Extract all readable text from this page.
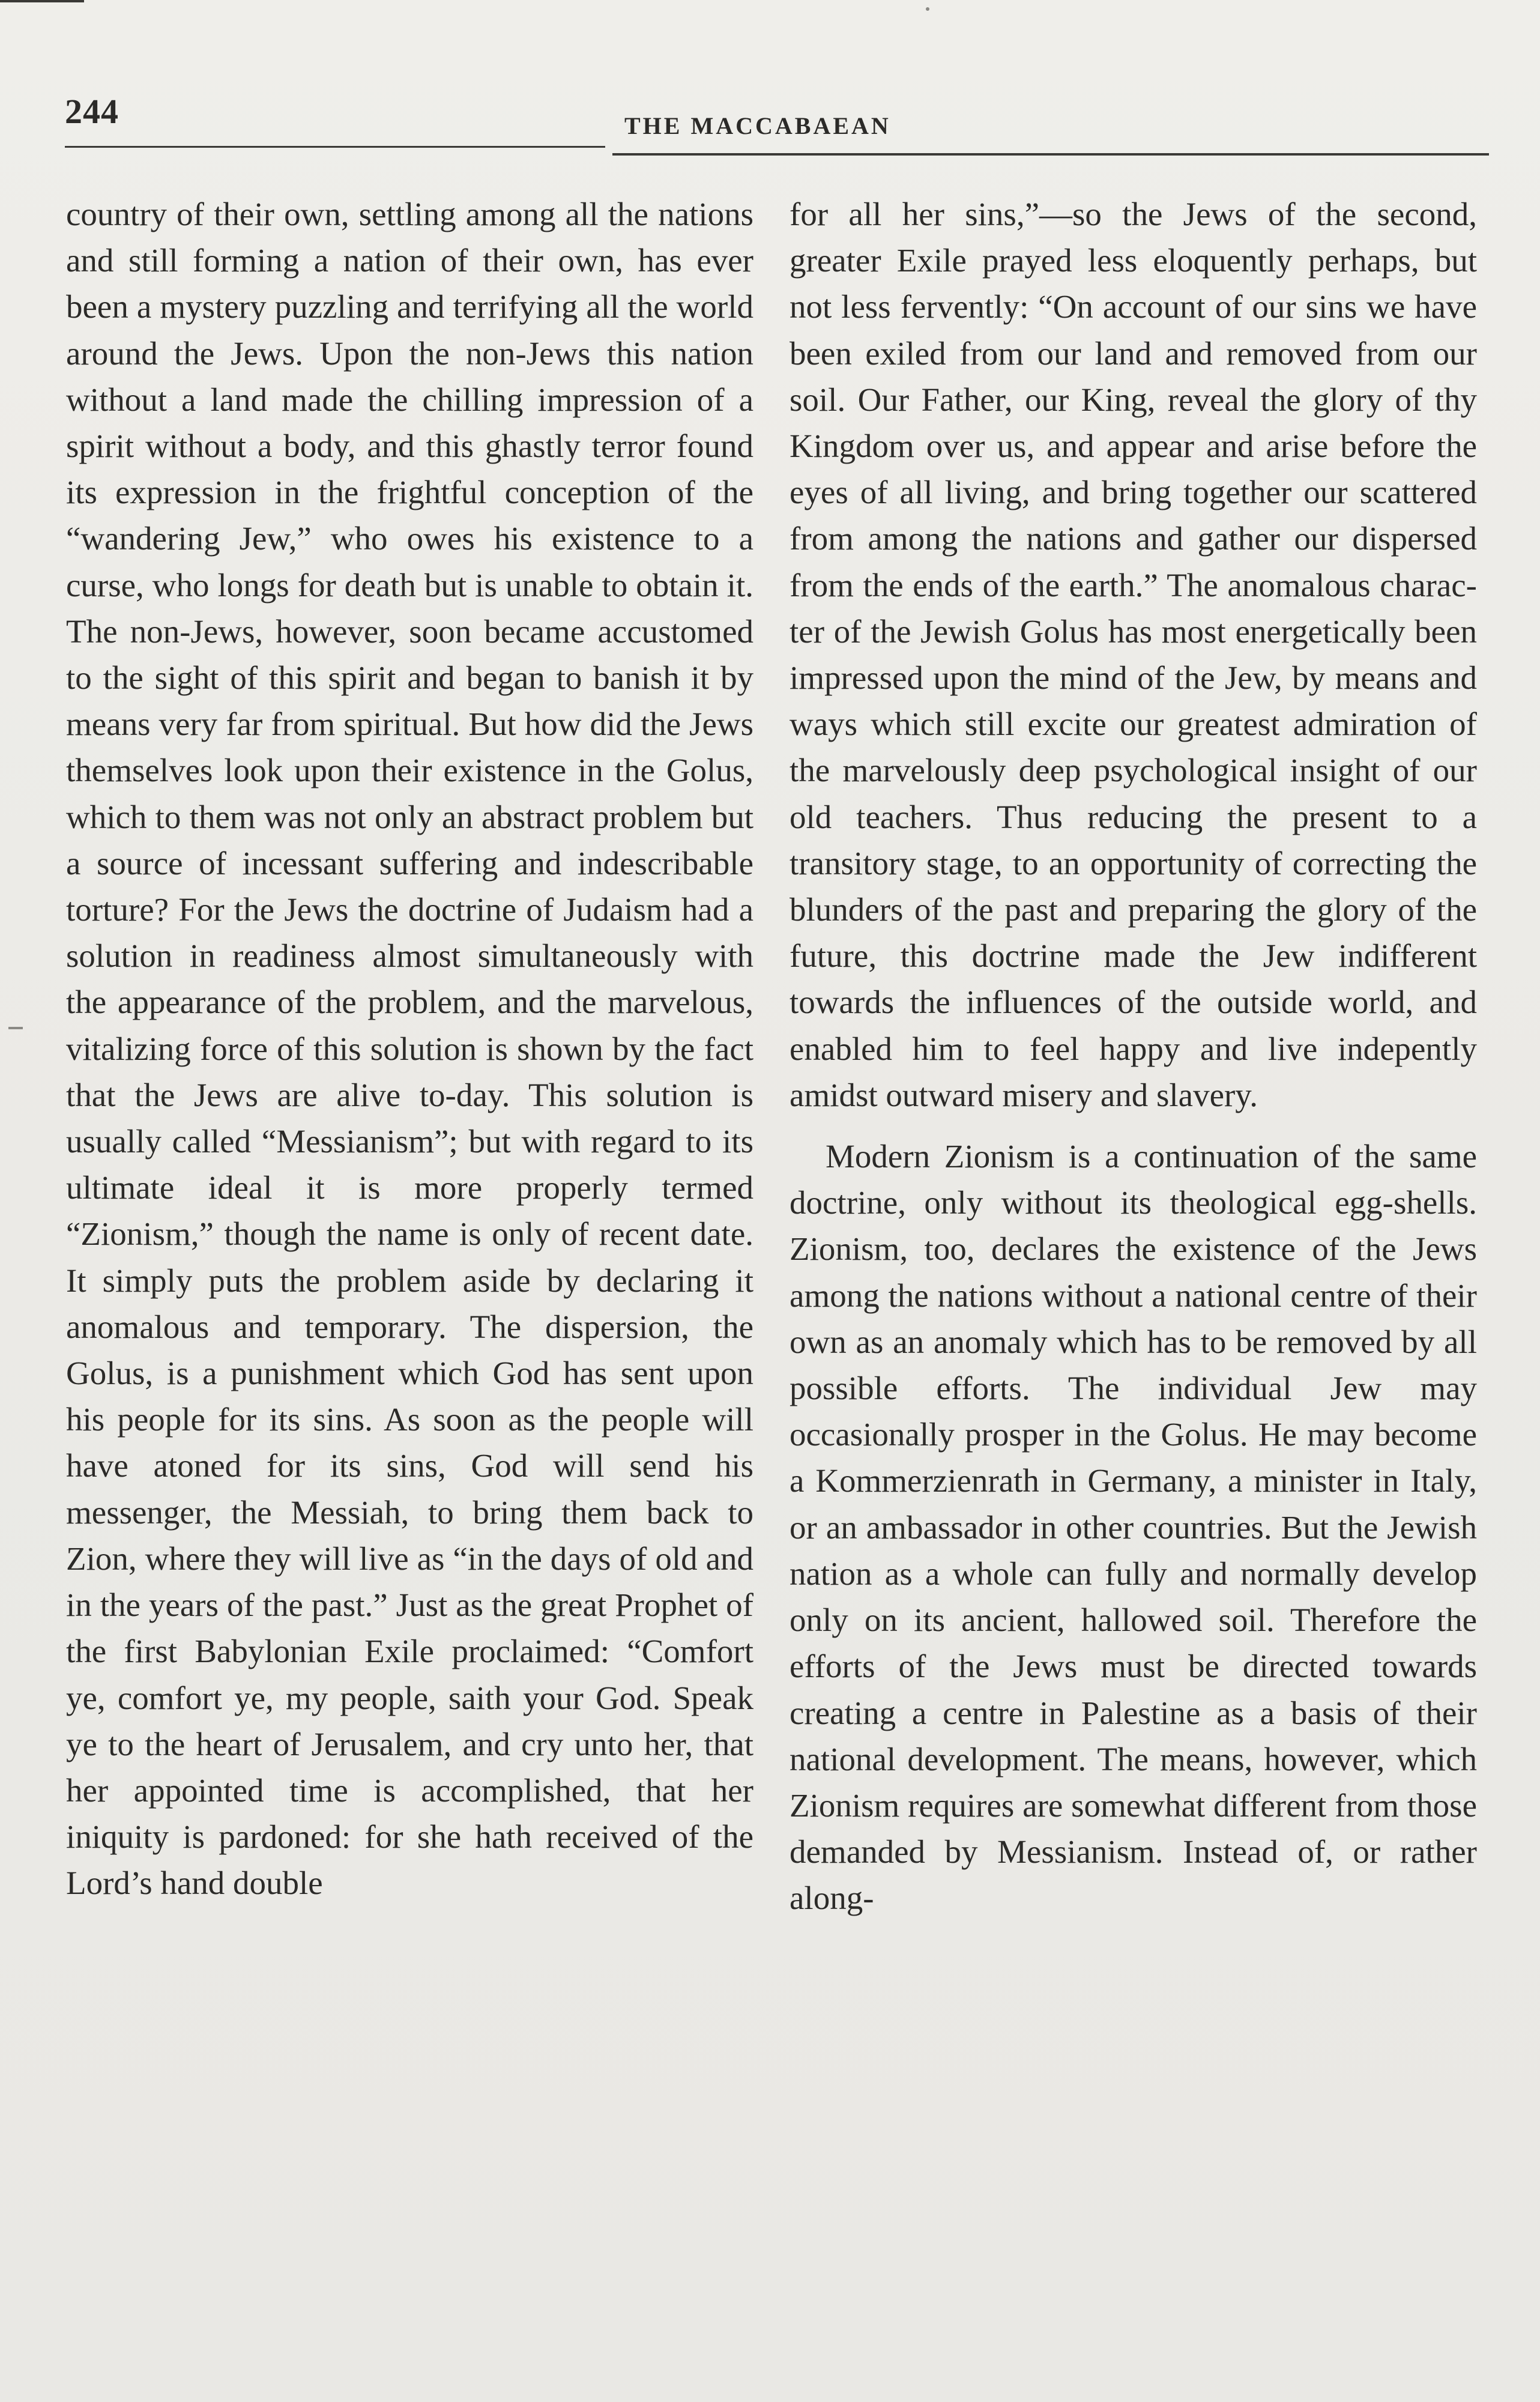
244	THE MACCABAEAN

country of their own, settling among all the nations and still forming a nation of their own, has ever been a mystery puzzling and terrifying all the world around the Jews. Upon the non-Jews this nation without a land made the chilling impression of a spirit without a body, and this ghastly terror found its expression in the frightful conception of the “wandering Jew,” who owes his existence to a curse, who longs for death but is unable to obtain it. The non-Jews, however, soon became accustomed to the sight of this spirit and began to banish it by means very far from spiritual. But how did the Jews themselves look upon their existence in the Golus, which to them was not only an abstract problem but a source of incessant suffering and indescribable torture? For the Jews the doctrine of Judaism had a solution in readiness almost simultaneously with the appearance of the problem, and the marvelous, vitalizing force of this solution is shown by the fact that the Jews are alive to-day. This solution is usually called “Messianism”; but with regard to its ultimate ideal it is more properly termed “Zionism,” though the name is only of recent date. It simply puts the problem aside by declaring it anomalous and temporary. The dispersion, the Golus, is a punishment which God has sent upon his people for its sins. As soon as the people will have atoned for its sins, God will send his messenger, the Messiah, to bring them back to Zion, where they will live as “in the days of old and in the years of the past.” Just as the great Prophet of the first Babylonian Exile proclaimed: “Comfort ye, comfort ye, my people, saith your God. Speak ye to the heart of Jerusalem, and cry unto her, that her appointed time is accomplished, that her iniquity is pardoned: for she hath received of the Lord’s hand double

for all her sins,”—so the Jews of the second, greater Exile prayed less eloquently perhaps, but not less fervently: “On account of our sins we have been exiled from our land and removed from our soil. Our Father, our King, reveal the glory of thy Kingdom over us, and appear and arise before the eyes of all living, and bring together our scattered from among the nations and gather our dispersed from the ends of the earth.” The anomalous character of the Jewish Golus has most energetically been impressed upon the mind of the Jew, by means and ways which still excite our greatest admiration of the marvelously deep psychological insight of our old teachers. Thus reducing the present to a transitory stage, to an opportunity of correcting the blunders of the past and preparing the glory of the future, this doctrine made the Jew indifferent towards the influences of the outside world, and enabled him to feel happy and live indepently amidst outward misery and slavery.

Modern Zionism is a continuation of the same doctrine, only without its theological egg-shells. Zionism, too, declares the existence of the Jews among the nations without a national centre of their own as an anomaly which has to be removed by all possible efforts. The individual Jew may occasionally prosper in the Golus. He may become a Kommerzienrath in Germany, a minister in Italy, or an ambassador in other countries. But the Jewish nation as a whole can fully and normally develop only on its ancient, hallowed soil. Therefore the efforts of the Jews must be directed towards creating a centre in Palestine as a basis of their national development. The means, however, which Zionism requires are somewhat different from those demanded by Messianism. Instead of, or rather along-
